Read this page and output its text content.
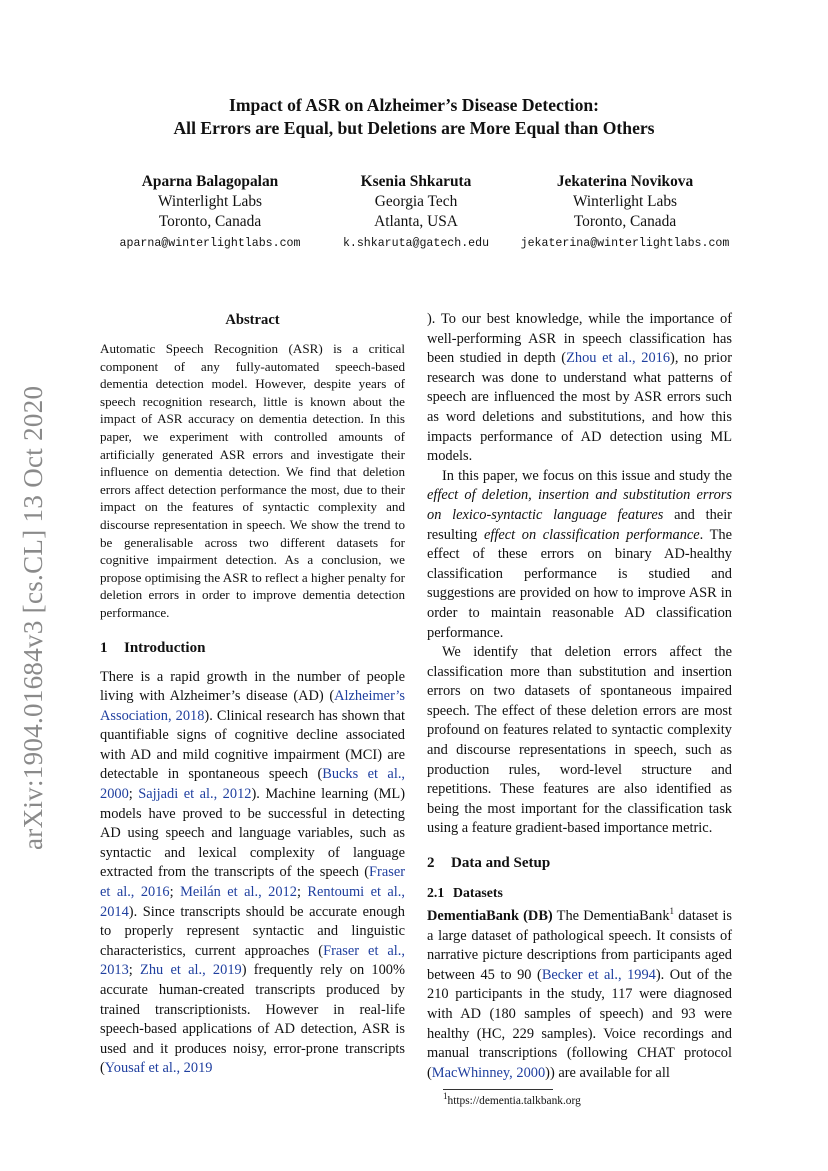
Impact of ASR on Alzheimer’s Disease Detection:
All Errors are Equal, but Deletions are More Equal than Others
Aparna Balagopalan
Winterlight Labs
Toronto, Canada
aparna@winterlightlabs.com
Ksenia Shkaruta
Georgia Tech
Atlanta, USA
k.shkaruta@gatech.edu
Jekaterina Novikova
Winterlight Labs
Toronto, Canada
jekaterina@winterlightlabs.com
arXiv:1904.01684v3 [cs.CL] 13 Oct 2020
Abstract

Automatic Speech Recognition (ASR) is a critical component of any fully-automated speech-based dementia detection model. However, despite years of speech recognition research, little is known about the impact of ASR accuracy on dementia detection. In this paper, we experiment with controlled amounts of artificially generated ASR errors and investigate their influence on dementia detection. We find that deletion errors affect detection performance the most, due to their impact on the features of syntactic complexity and discourse representation in speech. We show the trend to be generalisable across two different datasets for cognitive impairment detection. As a conclusion, we propose optimising the ASR to reflect a higher penalty for deletion errors in order to improve dementia detection performance.

1 Introduction

There is a rapid growth in the number of people living with Alzheimer’s disease (AD) (Alzheimer’s Association, 2018). Clinical research has shown that quantifiable signs of cognitive decline associated with AD and mild cognitive impairment (MCI) are detectable in spontaneous speech (Bucks et al., 2000; Sajjadi et al., 2012). Machine learning (ML) models have proved to be successful in detecting AD using speech and language variables, such as syntactic and lexical complexity of language extracted from the transcripts of the speech (Fraser et al., 2016; Meilán et al., 2012; Rentoumi et al., 2014). Since transcripts should be accurate enough to properly represent syntactic and linguistic characteristics, current approaches (Fraser et al., 2013; Zhu et al., 2019) frequently rely on 100% accurate human-created transcripts produced by trained transcriptionists. However in real-life speech-based applications of AD detection, ASR is used and it produces noisy, error-prone transcripts (Yousaf et al., 2019

). To our best knowledge, while the importance of well-performing ASR in speech classification has been studied in depth (Zhou et al., 2016), no prior research was done to understand what patterns of speech are influenced the most by ASR errors such as word deletions and substitutions, and how this impacts performance of AD detection using ML models.

In this paper, we focus on this issue and study the effect of deletion, insertion and substitution errors on lexico-syntactic language features and their resulting effect on classification performance. The effect of these errors on binary AD-healthy classification performance is studied and suggestions are provided on how to improve ASR in order to maintain reasonable AD classification performance.

We identify that deletion errors affect the classification more than substitution and insertion errors on two datasets of spontaneous impaired speech. The effect of these deletion errors are most profound on features related to syntactic complexity and discourse representations in speech, such as production rules, word-level structure and repetitions. These features are also identified as being the most important for the classification task using a feature gradient-based importance metric.

2 Data and Setup
2.1 Datasets

DementiaBank (DB) The DementiaBank$^1$ dataset is a large dataset of pathological speech. It consists of narrative picture descriptions from participants aged between 45 to 90 (Becker et al., 1994). Out of the 210 participants in the study, 117 were diagnosed with AD (180 samples of speech) and 93 were healthy (HC, 229 samples). Voice recordings and manual transcriptions (following CHAT protocol (MacWhinney, 2000)) are available for all

$^1$https://dementia.talkbank.org
